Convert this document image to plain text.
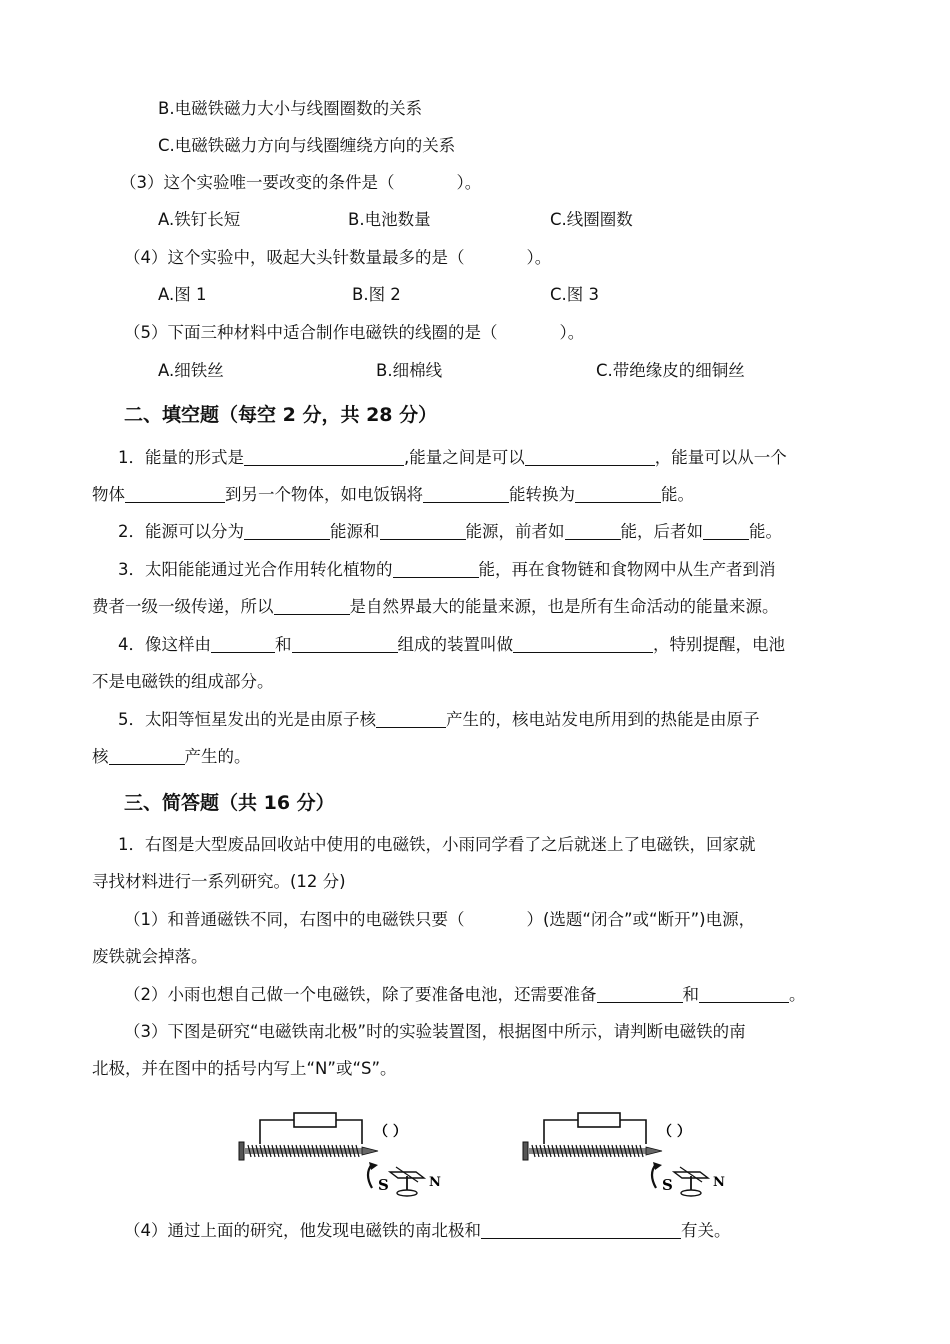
B.电磁铁磁力大小与线圈圈数的关系
C.电磁铁磁力方向与线圈缠绕方向的关系
（3）这个实验唯一要改变的条件是（	）。
A.铁钉长短	B.电池数量	C.线圈圈数
（4）这个实验中，吸起大头针数量最多的是（	）。
A.图 1	B.图 2	C.图 3
（5）下面三种材料中适合制作电磁铁的线圈的是（	）。
A.细铁丝	B.细棉线	C.带绝缘皮的细铜丝
二、填空题（每空 2 分，共 28 分）
1．能量的形式是	,能量之间是可以	，能量可以从一个
物体	到另一个物体，如电饭锅将	能转换为	能。
2．能源可以分为	能源和	能源，前者如	能，后者如	能。
3．太阳能能通过光合作用转化植物的	能，再在食物链和食物网中从生产者到消
费者一级一级传递，所以	是自然界最大的能量来源，也是所有生命活动的能量来源。
4．像这样由	和	组成的装置叫做	，特别提醒，电池
不是电磁铁的组成部分。
5．太阳等恒星发出的光是由原子核	产生的，核电站发电所用到的热能是由原子
核	产生的。
三、简答题（共 16 分）
1．右图是大型废品回收站中使用的电磁铁，小雨同学看了之后就迷上了电磁铁，回家就
寻找材料进行一系列研究。(12 分)
（1）和普通磁铁不同，右图中的电磁铁只要（	）(选题“闭合”或“断开”)电源，
废铁就会掉落。
（2）小雨也想自己做一个电磁铁，除了要准备电池，还需要准备	和	。
（3）下图是研究“电磁铁南北极”时的实验装置图，根据图中所示，请判断电磁铁的南
北极，并在图中的括号内写上“N”或“S”。
（ ）
S	N
（ ）
S	N
（4）通过上面的研究，他发现电磁铁的南北极和	有关。
